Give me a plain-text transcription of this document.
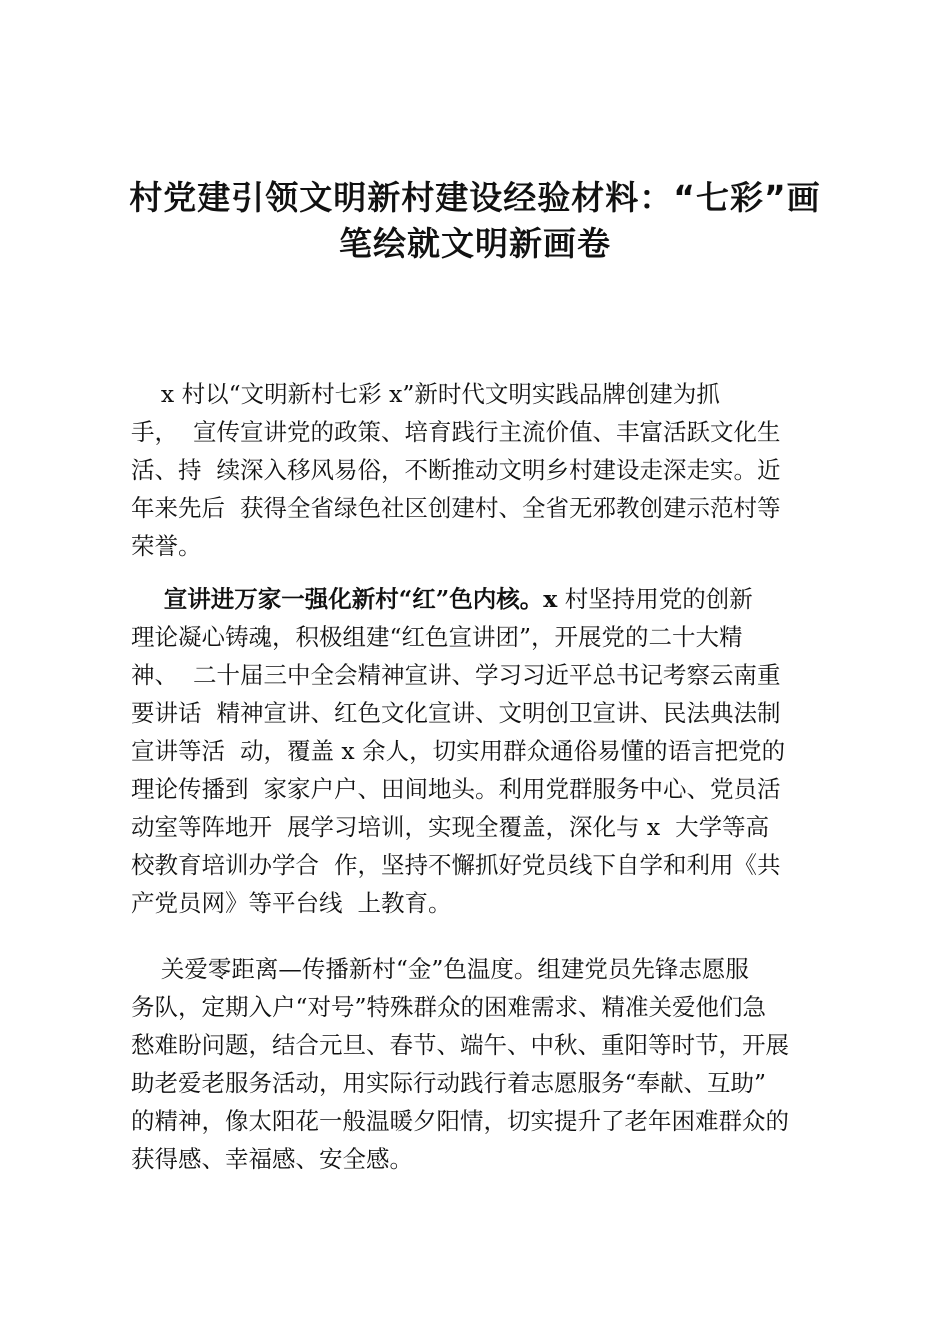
村党建引领文明新村建设经验材料：“七彩”画
笔绘就文明新画卷
x 村以“文明新村七彩 x”新时代文明实践品牌创建为抓
手，  宣传宣讲党的政策、培育践行主流价值、丰富活跃文化生
活、持  续深入移风易俗，不断推动文明乡村建设走深走实。近
年来先后  获得全省绿色社区创建村、全省无邪教创建示范村等
荣誉。
宣讲进万家一强化新村“红”色内核。x 村坚持用党的创新
理论凝心铸魂，积极组建“红色宣讲团”，开展党的二十大精
神、  二十届三中全会精神宣讲、学习习近平总书记考察云南重
要讲话  精神宣讲、红色文化宣讲、文明创卫宣讲、民法典法制
宣讲等活  动，覆盖 x 余人，切实用群众通俗易懂的语言把党的
理论传播到  家家户户、田间地头。利用党群服务中心、党员活
动室等阵地开  展学习培训，实现全覆盖，深化与 x  大学等高
校教育培训办学合  作，坚持不懈抓好党员线下自学和利用《共
产党员网》等平台线  上教育。
关爱零距离—传播新村“金”色温度。组建党员先锋志愿服
务队，定期入户“对号”特殊群众的困难需求、精准关爱他们急
愁难盼问题，结合元旦、春节、端午、中秋、重阳等时节，开展
助老爱老服务活动，用实际行动践行着志愿服务“奉献、互助”
的精神，像太阳花一般温暖夕阳情，切实提升了老年困难群众的
获得感、幸福感、安全感。
